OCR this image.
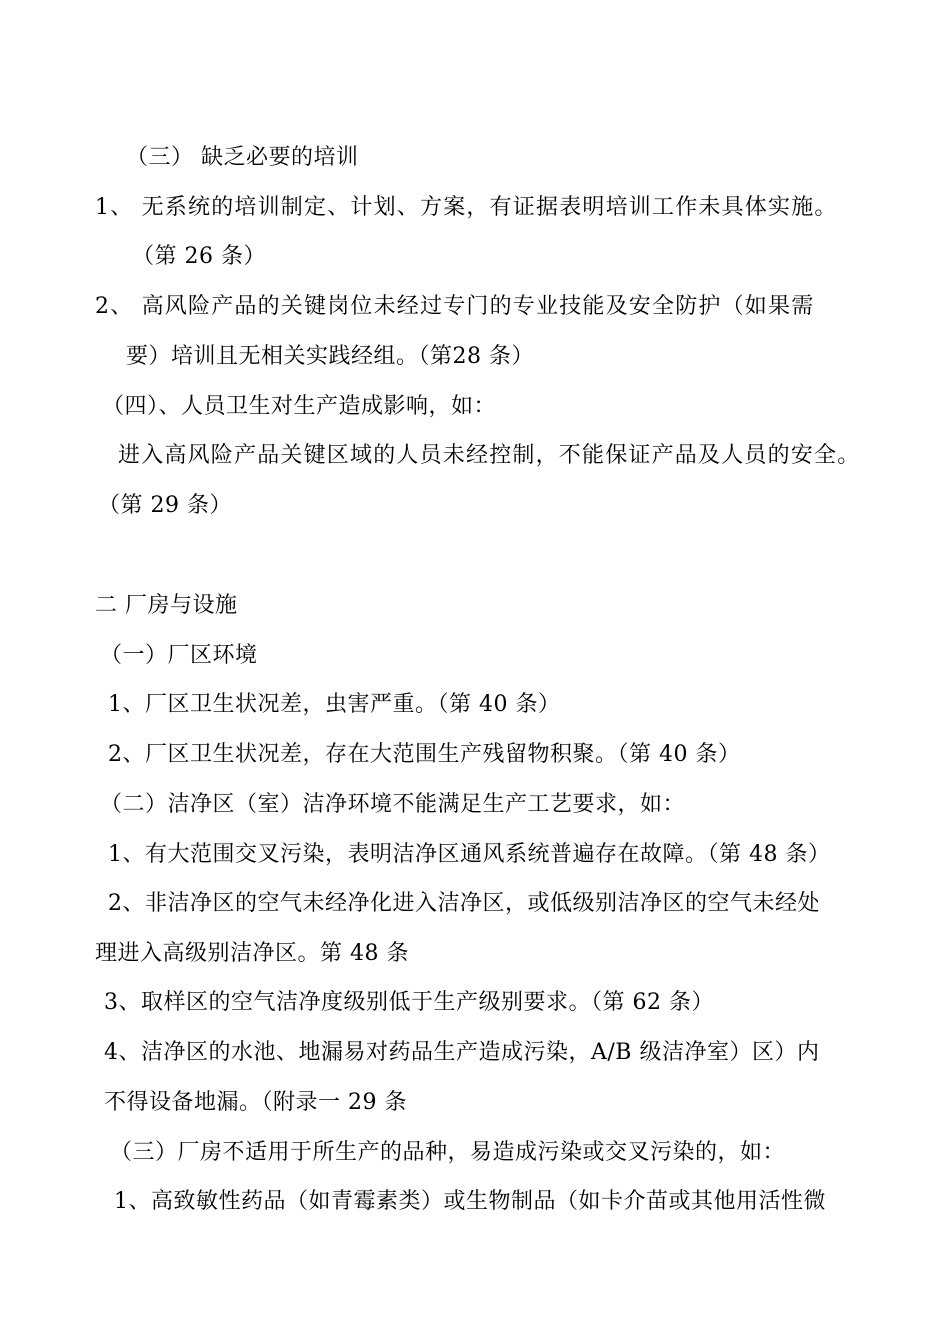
（三） 缺乏必要的培训
1、 无系统的培训制定、计划、方案，有证据表明培训工作未具体实施。
（第 26 条）
2、 高风险产品的关键岗位未经过专门的专业技能及安全防护（如果需
要）培训且无相关实践经组。（第28 条）
（四）、人员卫生对生产造成影响，如：
进入高风险产品关键区域的人员未经控制，不能保证产品及人员的安全。
（第 29 条）
二 厂房与设施
（一）厂区环境
1、厂区卫生状况差，虫害严重。（第 40 条）
2、厂区卫生状况差，存在大范围生产残留物积聚。（第 40 条）
（二）洁净区（室）洁净环境不能满足生产工艺要求，如：
1、有大范围交叉污染，表明洁净区通风系统普遍存在故障。（第 48 条）
2、非洁净区的空气未经净化进入洁净区，或低级别洁净区的空气未经处
理进入高级别洁净区。第 48 条
3、取样区的空气洁净度级别低于生产级别要求。（第 62 条）
4、洁净区的水池、地漏易对药品生产造成污染，A/B 级洁净室）区）内
不得设备地漏。（附录一 29 条
（三）厂房不适用于所生产的品种，易造成污染或交叉污染的，如：
1、高致敏性药品（如青霉素类）或生物制品（如卡介苗或其他用活性微
